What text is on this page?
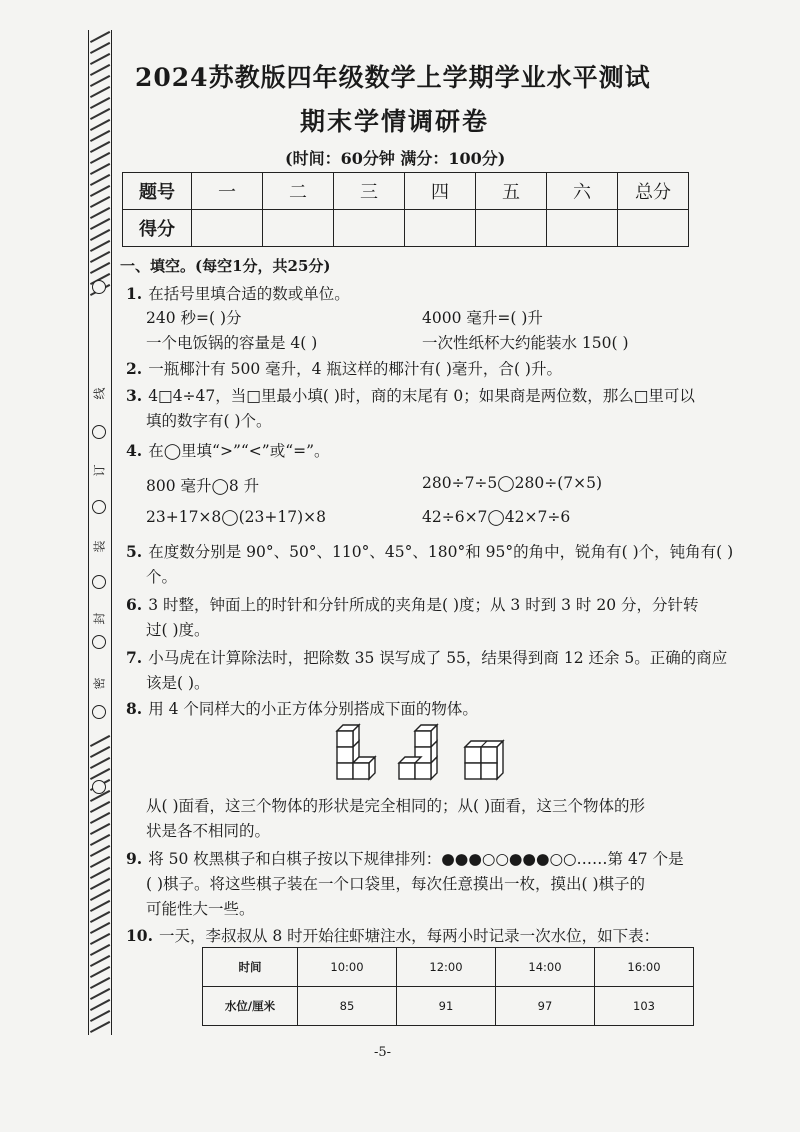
线
订
装
封
密
2024苏教版四年级数学上学期学业水平测试
期末学情调研卷
(时间：60分钟 满分：100分)
题号	一	二	三	四	五	六	总分
得分							
一、填空。(每空1分，共25分)
1. 在括号里填合适的数或单位。
240 秒=( )分	4000 毫升=( )升
一个电饭锅的容量是 4( )	一次性纸杯大约能装水 150( )
2. 一瓶椰汁有 500 毫升，4 瓶这样的椰汁有( )毫升，合( )升。
3. 4□4÷47，当□里最小填( )时，商的末尾有 0；如果商是两位数，那么□里可以
填的数字有( )个。
4. 在◯里填“>”“<”或“=”。
800 毫升◯8 升	280÷7÷5◯280÷(7×5)
23+17×8◯(23+17)×8	42÷6×7◯42×7÷6
5. 在度数分别是 90°、50°、110°、45°、180°和 95°的角中，锐角有( )个，钝角有( )
个。
6. 3 时整，钟面上的时针和分针所成的夹角是( )度；从 3 时到 3 时 20 分，分针转
过( )度。
7. 小马虎在计算除法时，把除数 35 误写成了 55，结果得到商 12 还余 5。正确的商应
该是( )。
8. 用 4 个同样大的小正方体分别搭成下面的物体。
从( )面看，这三个物体的形状是完全相同的；从( )面看，这三个物体的形
状是各不相同的。
9. 将 50 枚黑棋子和白棋子按以下规律排列：●●●○○●●●○○……第 47 个是
( )棋子。将这些棋子装在一个口袋里，每次任意摸出一枚，摸出( )棋子的
可能性大一些。
10. 一天，李叔叔从 8 时开始往虾塘注水，每两小时记录一次水位，如下表：
时间	10:00	12:00	14:00	16:00
水位/厘米	85	91	97	103
-5-
